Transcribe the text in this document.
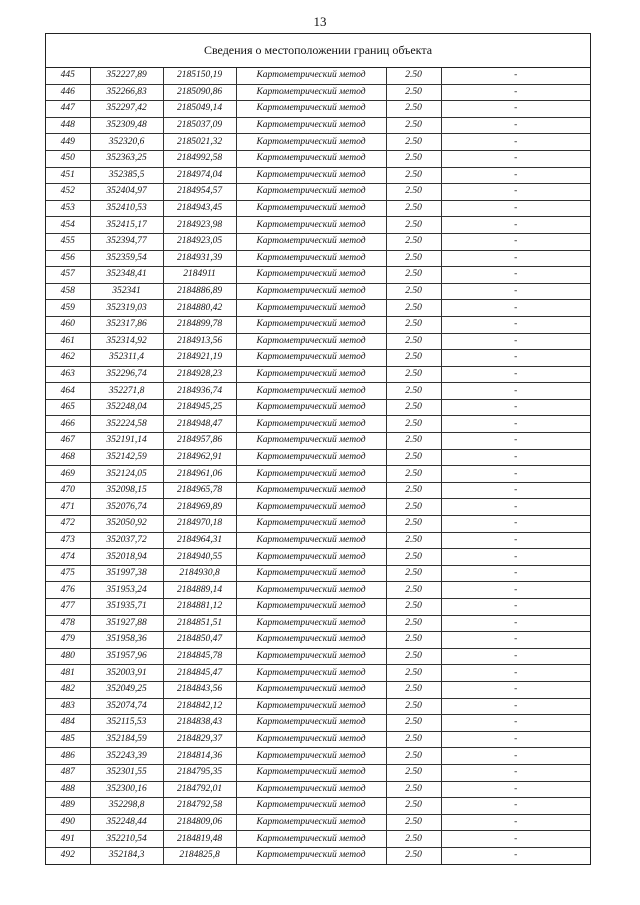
13
Сведения о местоположении границ объекта
445	352227,89	2185150,19	Картометрический метод	2.50	-
446	352266,83	2185090,86	Картометрический метод	2.50	-
447	352297,42	2185049,14	Картометрический метод	2.50	-
448	352309,48	2185037,09	Картометрический метод	2.50	-
449	352320,6	2185021,32	Картометрический метод	2.50	-
450	352363,25	2184992,58	Картометрический метод	2.50	-
451	352385,5	2184974,04	Картометрический метод	2.50	-
452	352404,97	2184954,57	Картометрический метод	2.50	-
453	352410,53	2184943,45	Картометрический метод	2.50	-
454	352415,17	2184923,98	Картометрический метод	2.50	-
455	352394,77	2184923,05	Картометрический метод	2.50	-
456	352359,54	2184931,39	Картометрический метод	2.50	-
457	352348,41	2184911	Картометрический метод	2.50	-
458	352341	2184886,89	Картометрический метод	2.50	-
459	352319,03	2184880,42	Картометрический метод	2.50	-
460	352317,86	2184899,78	Картометрический метод	2.50	-
461	352314,92	2184913,56	Картометрический метод	2.50	-
462	352311,4	2184921,19	Картометрический метод	2.50	-
463	352296,74	2184928,23	Картометрический метод	2.50	-
464	352271,8	2184936,74	Картометрический метод	2.50	-
465	352248,04	2184945,25	Картометрический метод	2.50	-
466	352224,58	2184948,47	Картометрический метод	2.50	-
467	352191,14	2184957,86	Картометрический метод	2.50	-
468	352142,59	2184962,91	Картометрический метод	2.50	-
469	352124,05	2184961,06	Картометрический метод	2.50	-
470	352098,15	2184965,78	Картометрический метод	2.50	-
471	352076,74	2184969,89	Картометрический метод	2.50	-
472	352050,92	2184970,18	Картометрический метод	2.50	-
473	352037,72	2184964,31	Картометрический метод	2.50	-
474	352018,94	2184940,55	Картометрический метод	2.50	-
475	351997,38	2184930,8	Картометрический метод	2.50	-
476	351953,24	2184889,14	Картометрический метод	2.50	-
477	351935,71	2184881,12	Картометрический метод	2.50	-
478	351927,88	2184851,51	Картометрический метод	2.50	-
479	351958,36	2184850,47	Картометрический метод	2.50	-
480	351957,96	2184845,78	Картометрический метод	2.50	-
481	352003,91	2184845,47	Картометрический метод	2.50	-
482	352049,25	2184843,56	Картометрический метод	2.50	-
483	352074,74	2184842,12	Картометрический метод	2.50	-
484	352115,53	2184838,43	Картометрический метод	2.50	-
485	352184,59	2184829,37	Картометрический метод	2.50	-
486	352243,39	2184814,36	Картометрический метод	2.50	-
487	352301,55	2184795,35	Картометрический метод	2.50	-
488	352300,16	2184792,01	Картометрический метод	2.50	-
489	352298,8	2184792,58	Картометрический метод	2.50	-
490	352248,44	2184809,06	Картометрический метод	2.50	-
491	352210,54	2184819,48	Картометрический метод	2.50	-
492	352184,3	2184825,8	Картометрический метод	2.50	-
